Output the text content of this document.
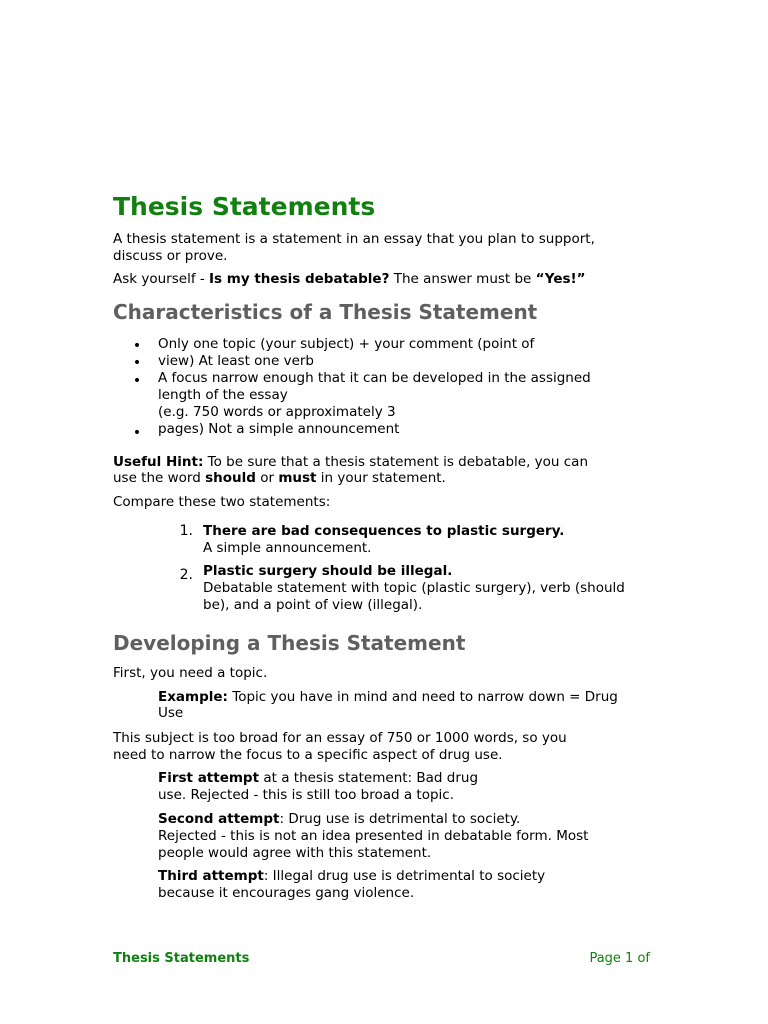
Thesis Statements

A thesis statement is a statement in an essay that you plan to support,

discuss or prove.

Ask yourself - Is my thesis debatable? The answer must be “Yes!”

Characteristics of a Thesis Statement
•
•
•
•
Only one topic (your subject) + your comment (point of
view) At least one verb
A focus narrow enough that it can be developed in the assigned
length of the essay
(e.g. 750 words or approximately 3
pages) Not a simple announcement

Useful Hint: To be sure that a thesis statement is debatable, you can

use the word should or must in your statement.

Compare these two statements:

1. There are bad consequences to plastic surgery.
A simple announcement.
2. Plastic surgery should be illegal.
Debatable statement with topic (plastic surgery), verb (should
be), and a point of view (illegal).
Developing a Thesis Statement

First, you need a topic.

Example: Topic you have in mind and need to narrow down = Drug

Use

This subject is too broad for an essay of 750 or 1000 words, so you

need to narrow the focus to a specific aspect of drug use.

First attempt at a thesis statement: Bad drug

use. Rejected - this is still too broad a topic.

Second attempt: Drug use is detrimental to society.

Rejected - this is not an idea presented in debatable form. Most

people would agree with this statement.

Third attempt: Illegal drug use is detrimental to society

because it encourages gang violence.

Thesis Statements	Page 1 of
